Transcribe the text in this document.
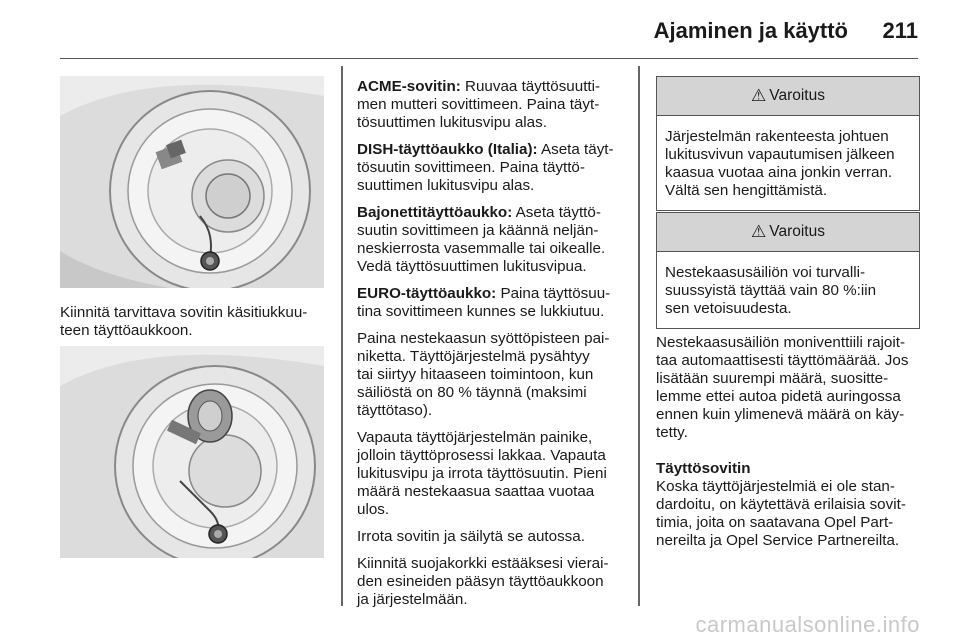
Ajaminen ja käyttö 211

Kiinnitä tarvittava sovitin käsitiukkuu-
teen täyttöaukkoon.

ACME-sovitin: Ruuvaa täyttösuutti-
men mutteri sovittimeen. Paina täyt-
tösuuttimen lukitusvipu alas.

DISH-täyttöaukko (Italia): Aseta täyt-
tösuutin sovittimeen. Paina täyttö-
suuttimen lukitusvipu alas.

Bajonettitäyttöaukko: Aseta täyttö-
suutin sovittimeen ja käännä neljän-
neskierrosta vasemmalle tai oikealle.
Vedä täyttösuuttimen lukitusvipua.

EURO-täyttöaukko: Paina täyttösuu-
tina sovittimeen kunnes se lukkiutuu.

Paina nestekaasun syöttöpisteen pai-
niketta. Täyttöjärjestelmä pysähtyy
tai siirtyy hitaaseen toimintoon, kun
säiliöstä on 80 % täynnä (maksimi
täyttötaso).

Vapauta täyttöjärjestelmän painike,
jolloin täyttöprosessi lakkaa. Vapauta
lukitusvipu ja irrota täyttösuutin. Pieni
määrä nestekaasua saattaa vuotaa
ulos.

Irrota sovitin ja säilytä se autossa.

Kiinnitä suojakorkki estääksesi vierai-
den esineiden pääsyn täyttöaukkoon
ja järjestelmään.

⚠ Varoitus
Järjestelmän rakenteesta johtuen
lukitusvivun vapautumisen jälkeen
kaasua vuotaa aina jonkin verran.
Vältä sen hengittämistä.
⚠ Varoitus
Nestekaasusäiliön voi turvalli-
suussyistä täyttää vain 80 %:iin
sen vetoisuudesta.

Nestekaasusäiliön moniventtiili rajoit-
taa automaattisesti täyttömäärää. Jos
lisätään suurempi määrä, suositte-
lemme ettei autoa pidetä auringossa
ennen kuin ylimenevä määrä on käy-
tetty.

Täyttösovitin

Koska täyttöjärjestelmiä ei ole stan-
dardoitu, on käytettävä erilaisia sovit-
timia, joita on saatavana Opel Part-
nereilta ja Opel Service Partnereilta.

carmanualsonline.info
